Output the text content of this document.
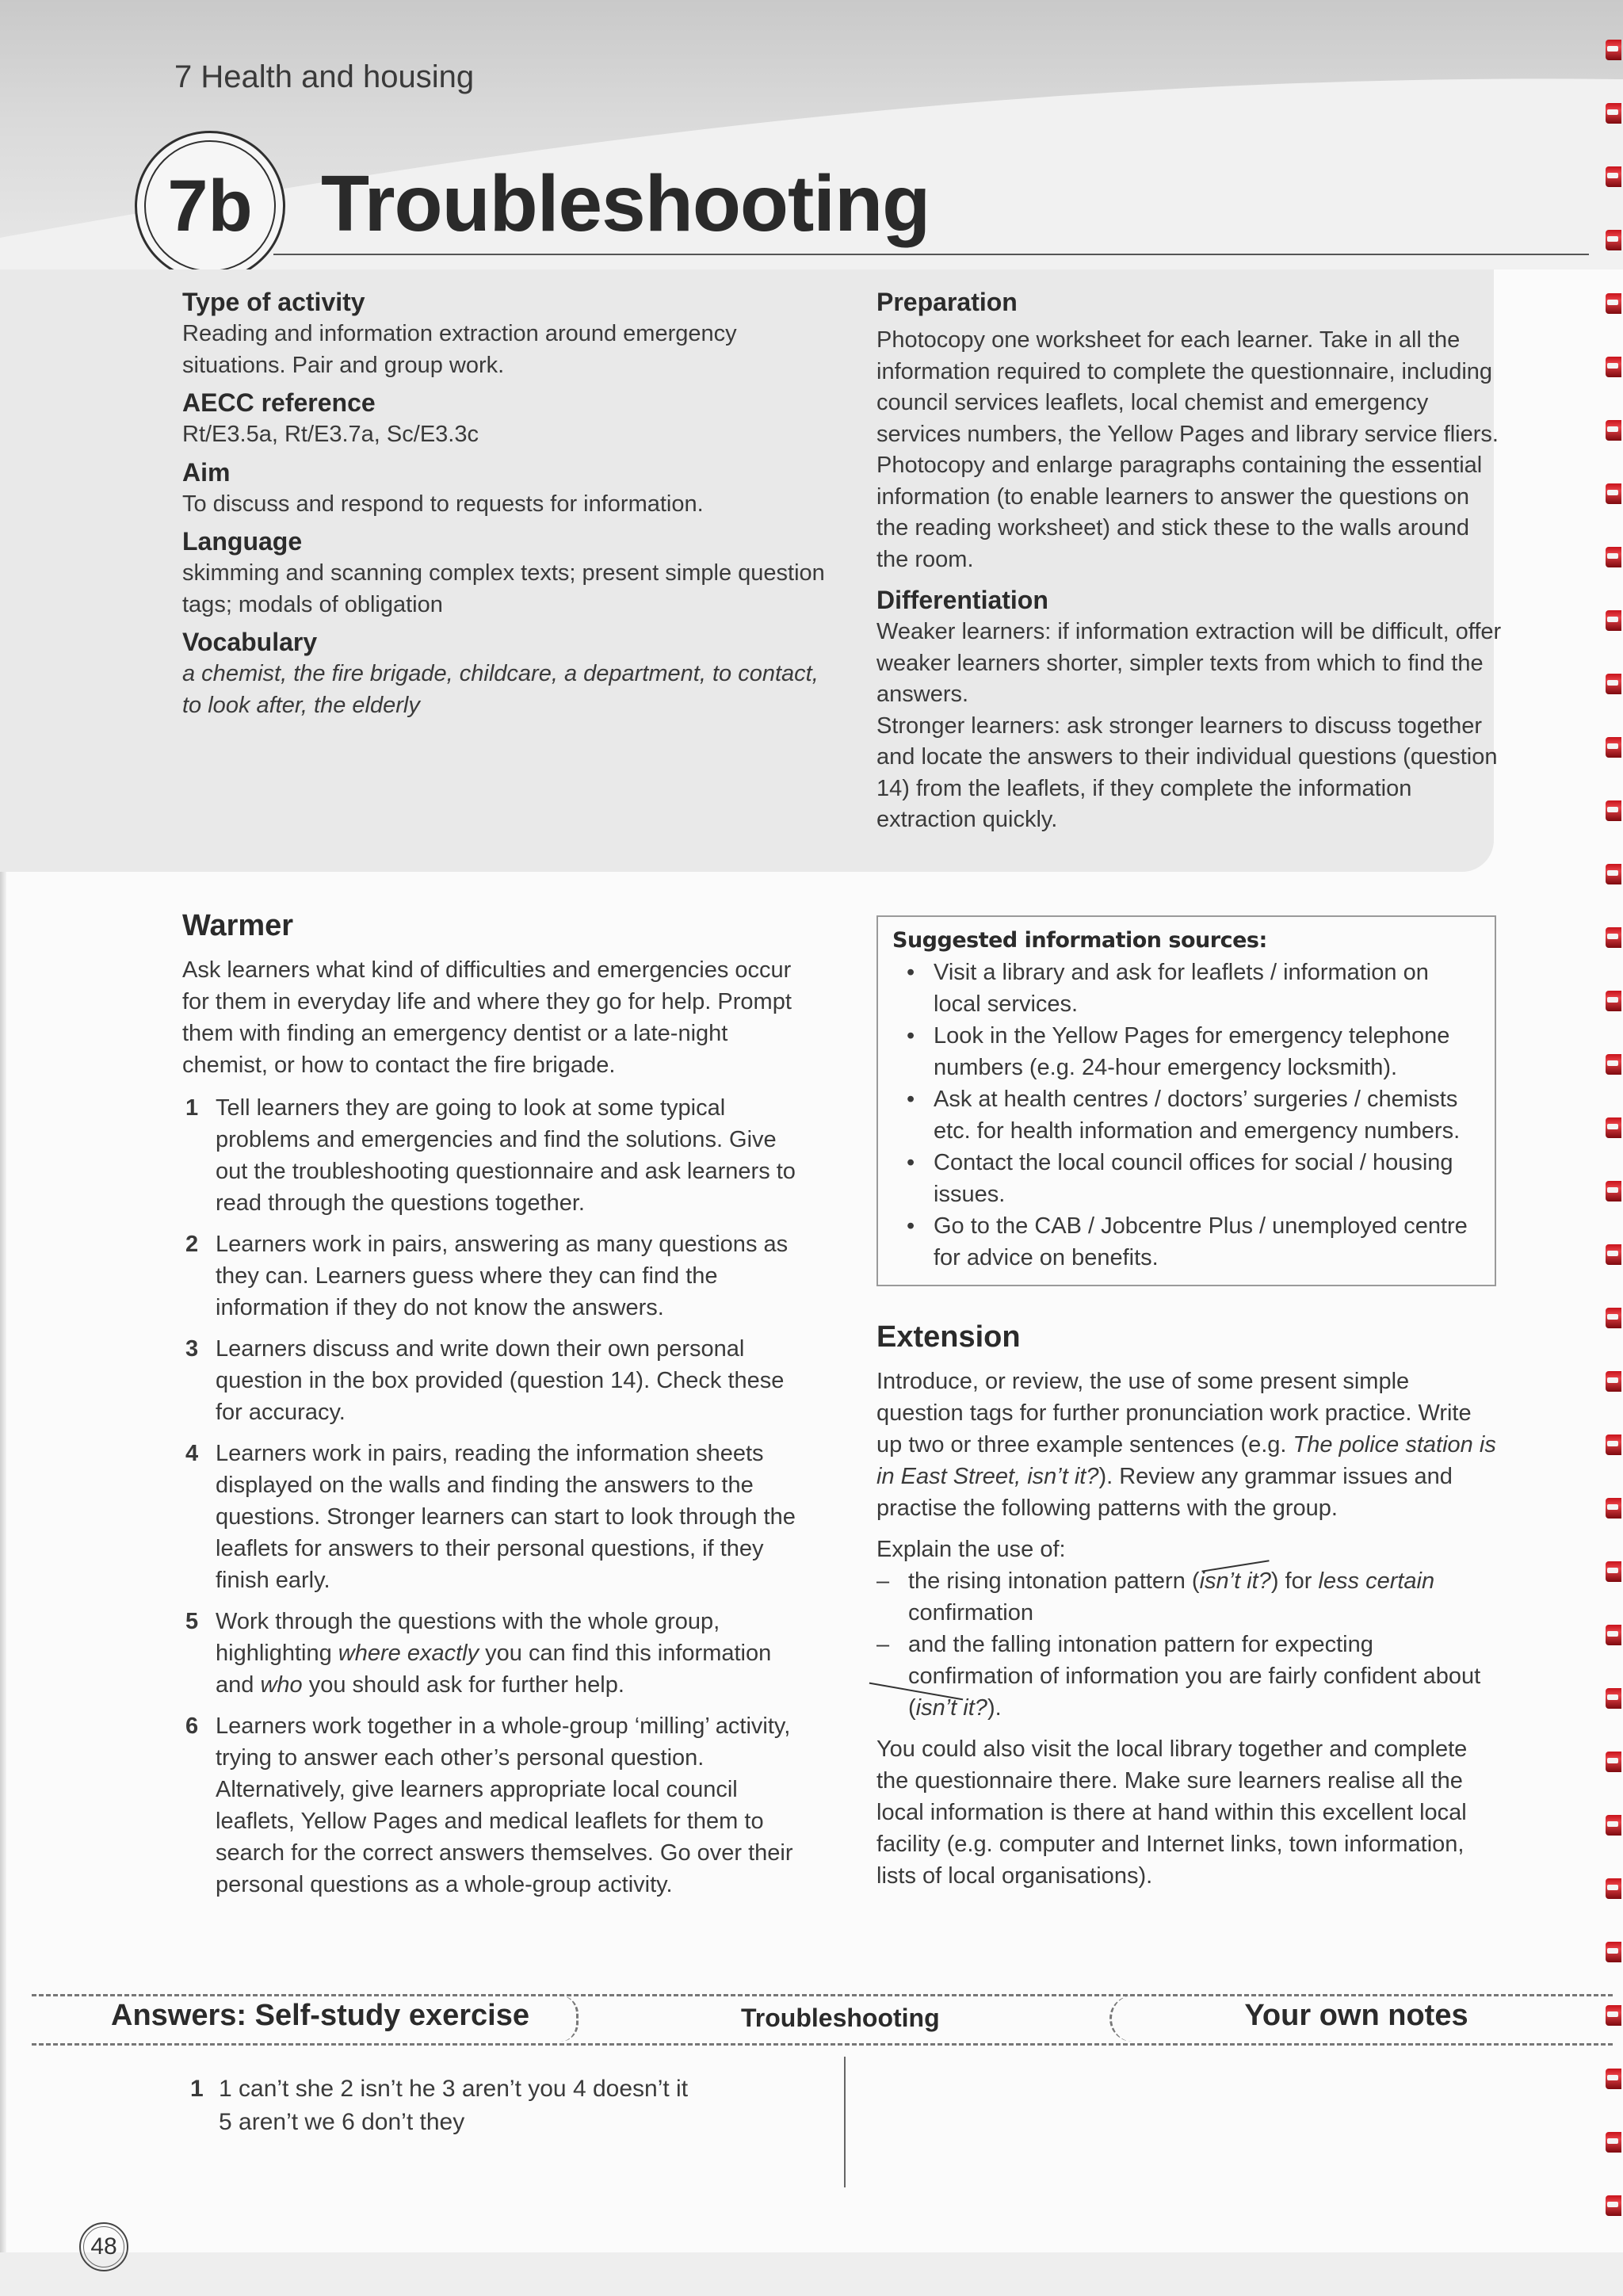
7 Health and housing
7b Troubleshooting
Type of activity

Reading and information extraction around emergency situations. Pair and group work.

AECC reference

Rt/E3.5a, Rt/E3.7a, Sc/E3.3c

Aim

To discuss and respond to requests for information.

Language

skimming and scanning complex texts; present simple question tags; modals of obligation

Vocabulary

a chemist, the fire brigade, childcare, a department, to contact, to look after, the elderly

Preparation

Photocopy one worksheet for each learner. Take in all the information required to complete the questionnaire, including council services leaflets, local chemist and emergency services numbers, the Yellow Pages and library service fliers. Photocopy and enlarge paragraphs containing the essential information (to enable learners to answer the questions on the reading worksheet) and stick these to the walls around the room.

Differentiation

Weaker learners: if information extraction will be difficult, offer weaker learners shorter, simpler texts from which to find the answers.

Stronger learners: ask stronger learners to discuss together and locate the answers to their individual questions (question 14) from the leaflets, if they complete the information extraction quickly.

Warmer

Ask learners what kind of difficulties and emergencies occur for them in everyday life and where they go for help. Prompt them with finding an emergency dentist or a late-night chemist, or how to contact the fire brigade.

1 Tell learners they are going to look at some typical problems and emergencies and find the solutions. Give out the troubleshooting questionnaire and ask learners to read through the questions together.
2 Learners work in pairs, answering as many questions as they can. Learners guess where they can find the information if they do not know the answers.
3 Learners discuss and write down their own personal question in the box provided (question 14). Check these for accuracy.
4 Learners work in pairs, reading the information sheets displayed on the walls and finding the answers to the questions. Stronger learners can start to look through the leaflets for answers to their personal questions, if they finish early.
5 Work through the questions with the whole group, highlighting where exactly you can find this information and who you should ask for further help.
6 Learners work together in a whole-group ‘milling’ activity, trying to answer each other’s personal question. Alternatively, give learners appropriate local council leaflets, Yellow Pages and medical leaflets for them to search for the correct answers themselves. Go over their personal questions as a whole-group activity.
Suggested information sources:
• Visit a library and ask for leaflets / information on local services.
• Look in the Yellow Pages for emergency telephone numbers (e.g. 24-hour emergency locksmith).
• Ask at health centres / doctors’ surgeries / chemists etc. for health information and emergency numbers.
• Contact the local council offices for social / housing issues.
• Go to the CAB / Jobcentre Plus / unemployed centre for advice on benefits.
Extension

Introduce, or review, the use of some present simple question tags for further pronunciation work practice. Write up two or three example sentences (e.g. The police station is in East Street, isn’t it?). Review any grammar issues and practise the following patterns with the group.

Explain the use of:

– the rising intonation pattern (isn’t it?) for less certain confirmation
– and the falling intonation pattern for expecting confirmation of information you are fairly confident about (isn’t it?).

You could also visit the local library together and complete the questionnaire there. Make sure learners realise all the local information is there at hand within this excellent local facility (e.g. computer and Internet links, town information, lists of local organisations).

Answers: Self-study exercise	Troubleshooting	Your own notes
1 1 can’t she 2 isn’t he 3 aren’t you 4 doesn’t it
5 aren’t we 6 don’t they
48
